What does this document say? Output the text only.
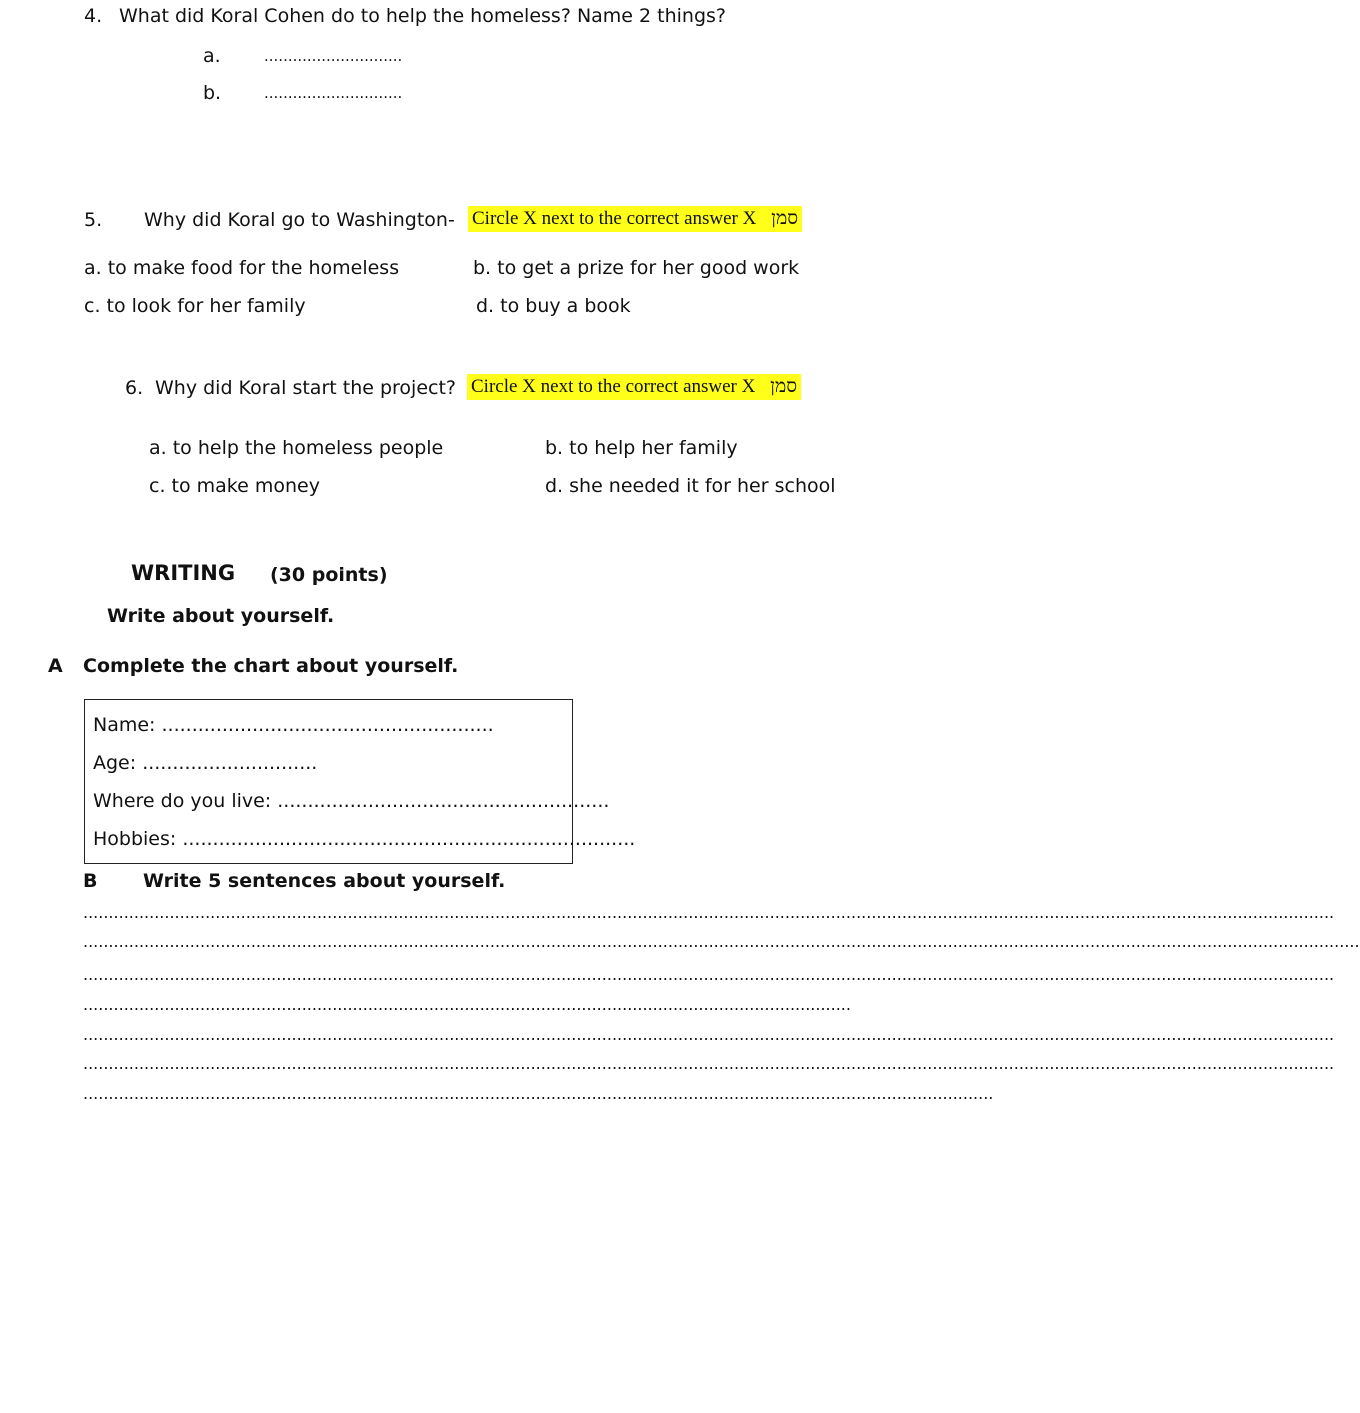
4. What did Koral Cohen do to help the homeless? Name 2 things?
a.	.............................
b.	.............................
5. Why did Koral go to Washington- Circle X next to the correct answer X סמן
a. to make food for the homeless	b. to get a prize for her good work
c. to look for her family	d. to buy a book
6. Why did Koral start the project? Circle X next to the correct answer X סמן
a. to help the homeless people	b. to help her family
c. to make money	d. she needed it for her school
WRITING (30 points)
Write about yourself.
A Complete the chart about yourself.
Name: .......................................................
Age: .............................
Where do you live: .......................................................
Hobbies: ...........................................................................
B Write 5 sentences about yourself.
......................................................................................................................................................................................................................................................
...........................................................................................................................................................................................................................................................
......................................................................................................................................................................................................................................................
.......................................................................................................................................................
......................................................................................................................................................................................................................................................
......................................................................................................................................................................................................................................................
...................................................................................................................................................................................
